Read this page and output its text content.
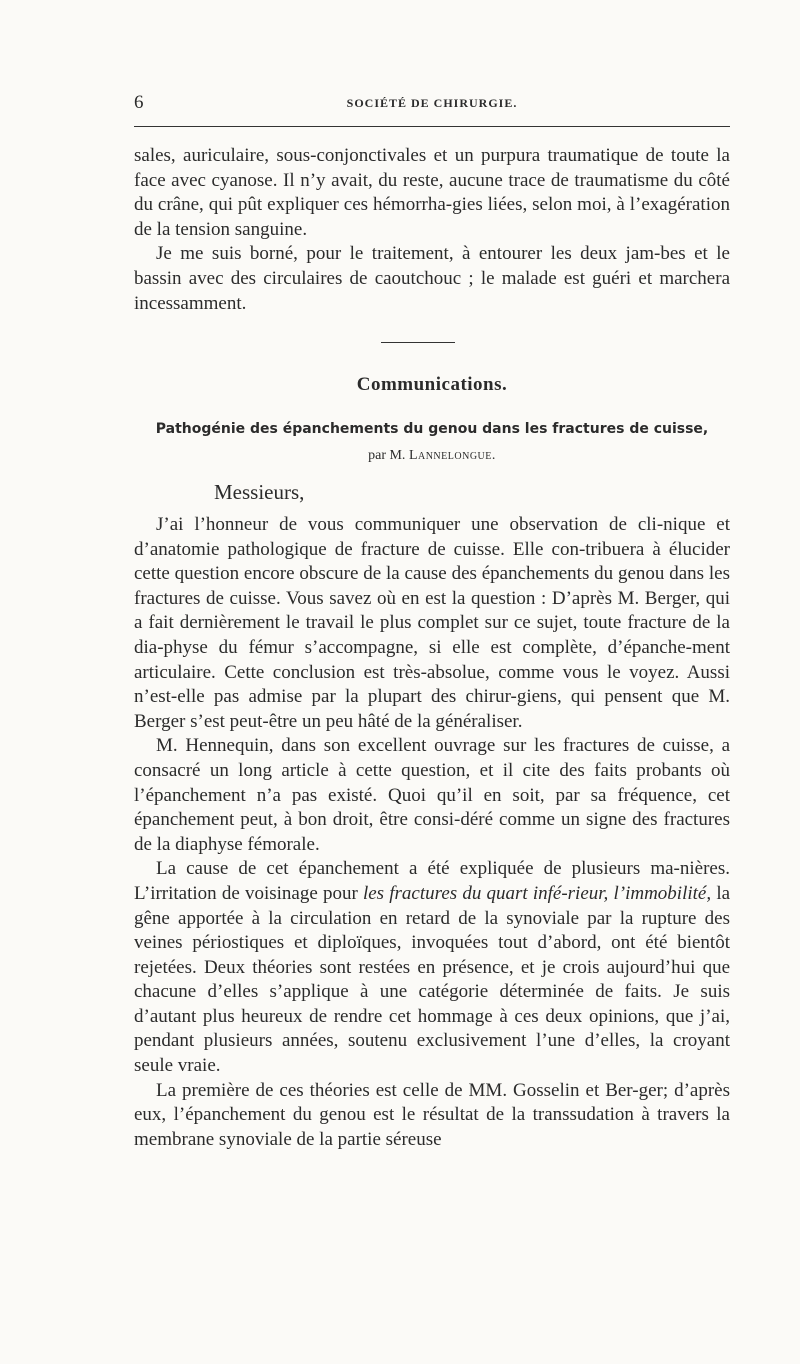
6	SOCIÉTÉ DE CHIRURGIE.

sales, auriculaire, sous-conjonctivales et un purpura traumatique de toute la face avec cyanose. Il n’y avait, du reste, aucune trace de traumatisme du côté du crâne, qui pût expliquer ces hémorrha-gies liées, selon moi, à l’exagération de la tension sanguine.

Je me suis borné, pour le traitement, à entourer les deux jam-bes et le bassin avec des circulaires de caoutchouc ; le malade est guéri et marchera incessamment.

Communications.
Pathogénie des épanchements du genou dans les fractures de cuisse,
par M. Lannelongue.
Messieurs,

J’ai l’honneur de vous communiquer une observation de cli-nique et d’anatomie pathologique de fracture de cuisse. Elle con-tribuera à élucider cette question encore obscure de la cause des épanchements du genou dans les fractures de cuisse. Vous savez où en est la question : D’après M. Berger, qui a fait dernièrement le travail le plus complet sur ce sujet, toute fracture de la dia-physe du fémur s’accompagne, si elle est complète, d’épanche-ment articulaire. Cette conclusion est très-absolue, comme vous le voyez. Aussi n’est-elle pas admise par la plupart des chirur-giens, qui pensent que M. Berger s’est peut-être un peu hâté de la généraliser.

M. Hennequin, dans son excellent ouvrage sur les fractures de cuisse, a consacré un long article à cette question, et il cite des faits probants où l’épanchement n’a pas existé. Quoi qu’il en soit, par sa fréquence, cet épanchement peut, à bon droit, être consi-déré comme un signe des fractures de la diaphyse fémorale.

La cause de cet épanchement a été expliquée de plusieurs ma-nières. L’irritation de voisinage pour les fractures du quart infé-rieur, l’immobilité, la gêne apportée à la circulation en retard de la synoviale par la rupture des veines périostiques et diploïques, invoquées tout d’abord, ont été bientôt rejetées. Deux théories sont restées en présence, et je crois aujourd’hui que chacune d’elles s’applique à une catégorie déterminée de faits. Je suis d’autant plus heureux de rendre cet hommage à ces deux opinions, que j’ai, pendant plusieurs années, soutenu exclusivement l’une d’elles, la croyant seule vraie.

La première de ces théories est celle de MM. Gosselin et Ber-ger; d’après eux, l’épanchement du genou est le résultat de la transsudation à travers la membrane synoviale de la partie séreuse
